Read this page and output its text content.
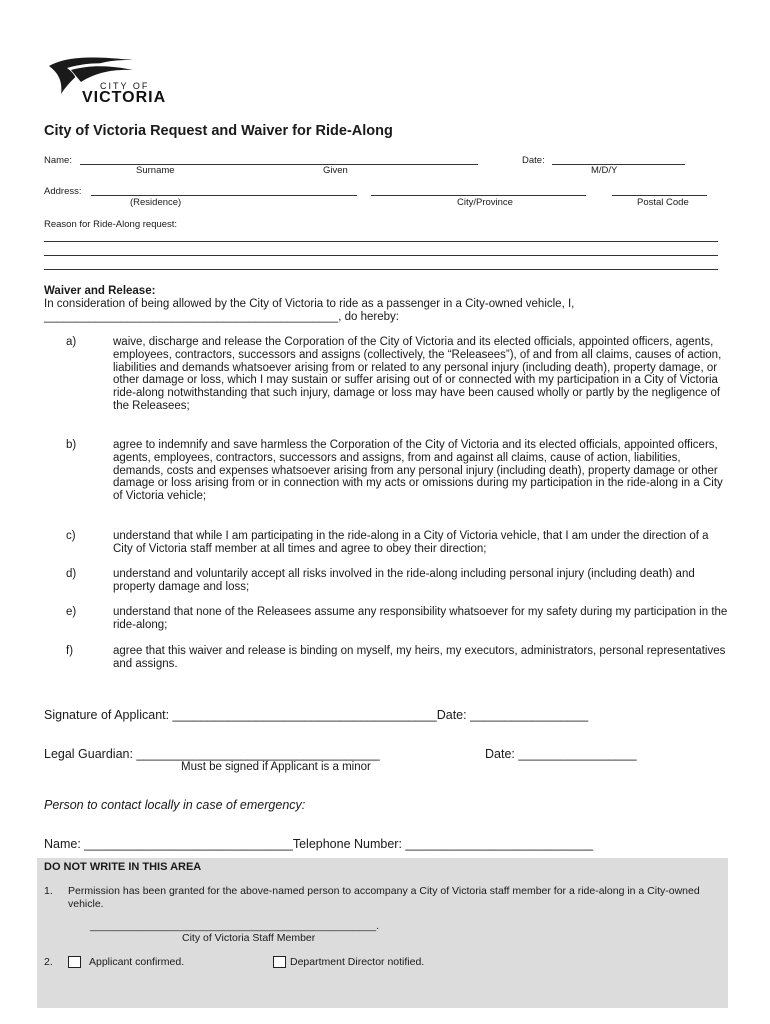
CITY OF
VICTORIA
City of Victoria Request and Waiver for Ride-Along
Name:
Surname	Given
Date:
M/D/Y
Address:
(Residence)	City/Province	Postal Code
Reason for Ride-Along request:
Waiver and Release:
In consideration of being allowed by the City of Victoria to ride as a passenger in a City-owned vehicle, I,
______________________________________________, do hereby:
a)	waive, discharge and release the Corporation of the City of Victoria and its elected officials, appointed officers, agents, employees, contractors, successors and assigns (collectively, the “Releasees”), of and from all claims, causes of action, liabilities and demands whatsoever arising from or related to any personal injury (including death), property damage, or other damage or loss, which I may sustain or suffer arising out of or connected with my participation in a City of Victoria ride-along notwithstanding that such injury, damage or loss may have been caused wholly or partly by the negligence of the Releasees;
b)	agree to indemnify and save harmless the Corporation of the City of Victoria and its elected officials, appointed officers, agents, employees, contractors, successors and assigns, from and against all claims, cause of action, liabilities, demands, costs and expenses whatsoever arising from any personal injury (including death), property damage or other damage or loss arising from or in connection with my acts or omissions during my participation in the ride-along in a City of Victoria vehicle;
c)	understand that while I am participating in the ride-along in a City of Victoria vehicle, that I am under the direction of a City of Victoria staff member at all times and agree to obey their direction;
d)	understand and voluntarily accept all risks involved in the ride-along including personal injury (including death) and property damage and loss;
e)	understand that none of the Releasees assume any responsibility whatsoever for my safety during my participation in the ride-along;
f)	agree that this waiver and release is binding on myself, my heirs, my executors, administrators, personal representatives and assigns.
Signature of Applicant: ______________________________________Date: _________________
Legal Guardian: ___________________________________	Date: _________________
Must be signed if Applicant is a minor
Person to contact locally in case of emergency:
Name: ______________________________Telephone Number: ___________________________
DO NOT WRITE IN THIS AREA
1. Permission has been granted for the above-named person to accompany a City of Victoria staff member for a ride-along in a City-owned vehicle.
_________________________________________________.
City of Victoria Staff Member
2.	Applicant confirmed.	Department Director notified.
